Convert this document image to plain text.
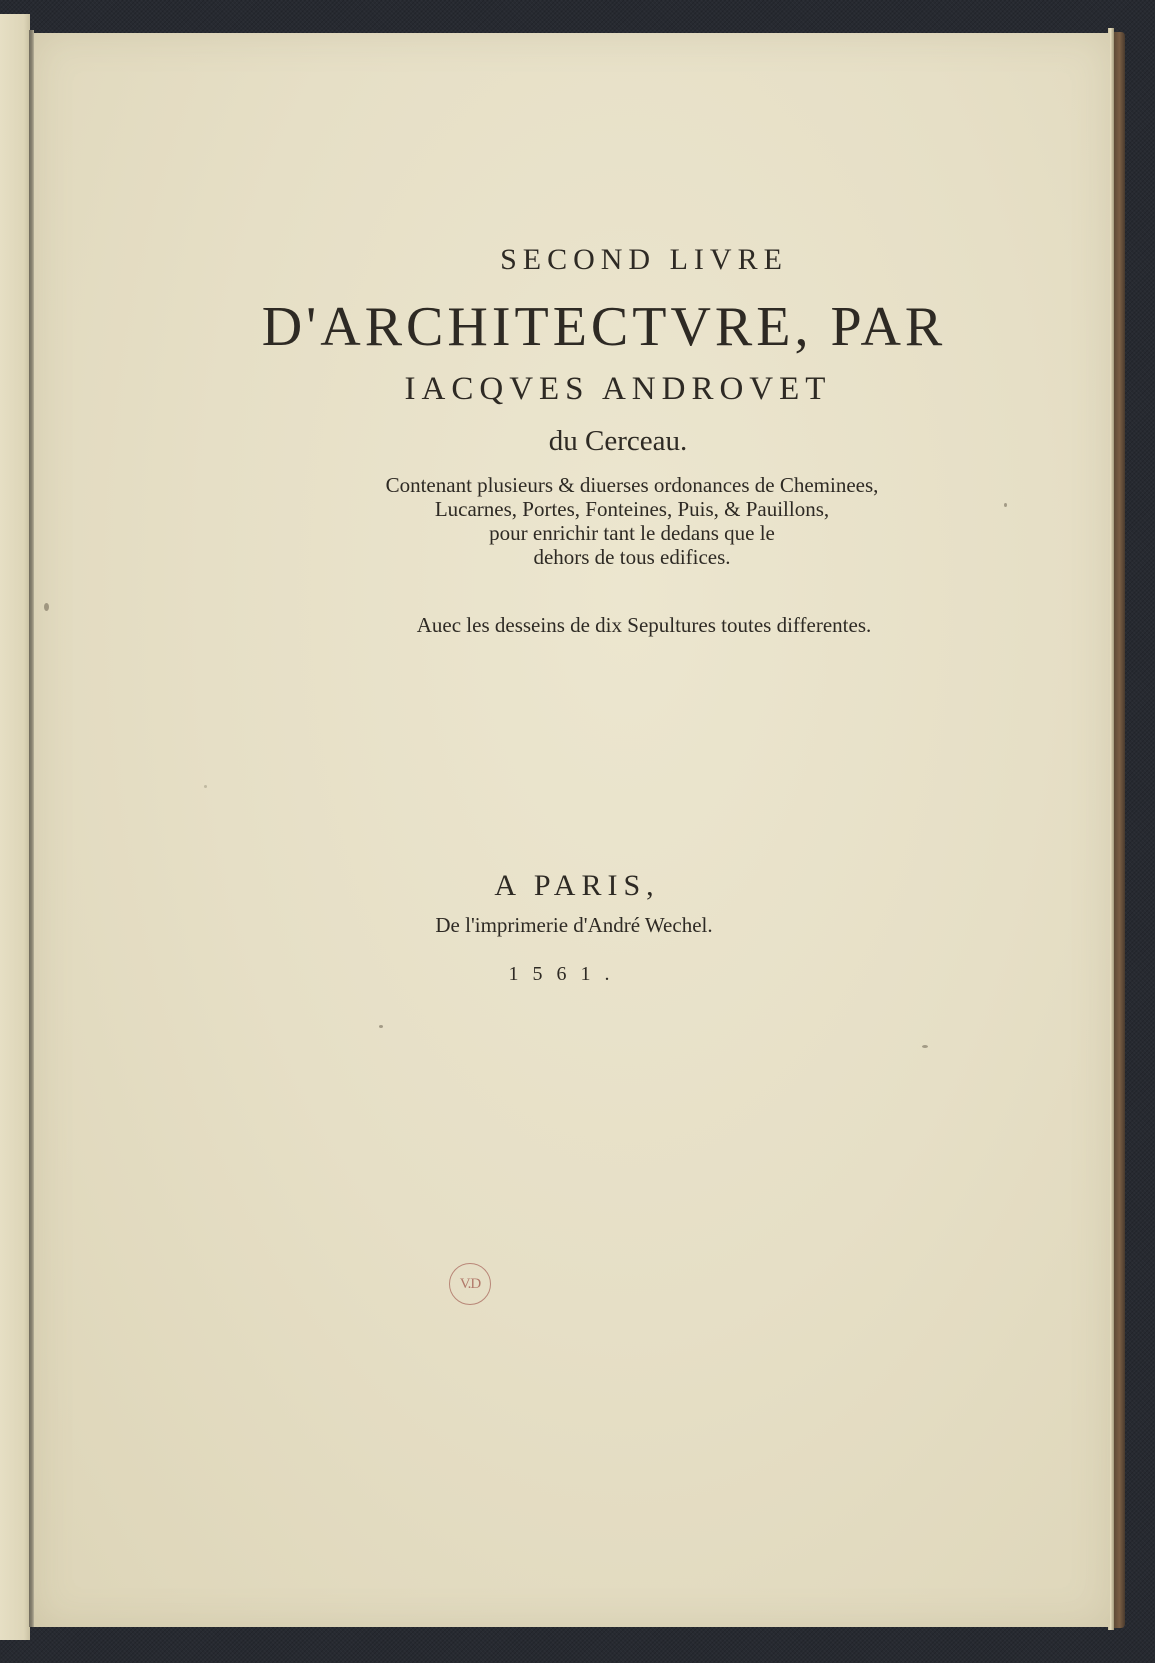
SECOND LIVRE
D'ARCHITECTVRE, PAR
IACQVES ANDROVET
du Cerceau.
Contenant plusieurs & diuerses ordonances de Cheminees,
Lucarnes, Portes, Fonteines, Puis, & Pauillons,
pour enrichir tant le dedans que le
dehors de tous edifices.
Auec les desseins de dix Sepultures toutes differentes.
A PARIS,
De l'imprimerie d'André Wechel.
1561.
V.D
